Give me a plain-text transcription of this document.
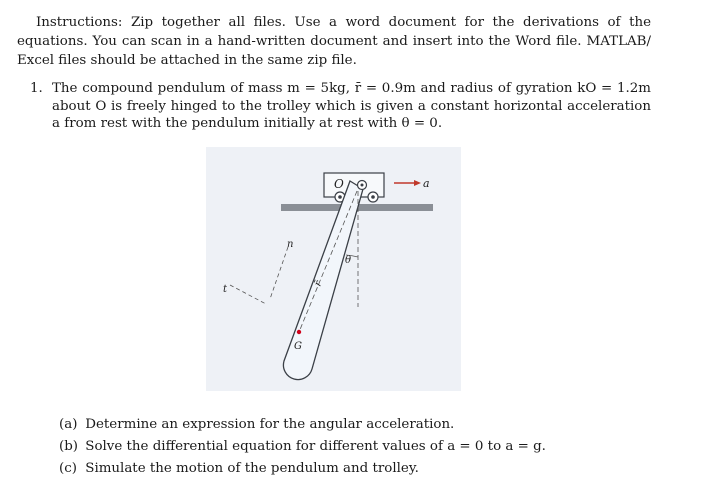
Instructions: Zip together all files. Use a word document for the derivations of the equations. You can scan in a hand-written document and insert into the Word file. MATLAB/ Excel files should be attached in the same zip file.
1. The compound pendulum of mass m = 5kg, r̄ = 0.9m and radius of gyration kO = 1.2m about O is freely hinged to the trolley which is given a constant horizontal acceleration a from rest with the pendulum initially at rest with θ = 0.
O	a
n
t
θ
r̄
G
(a) Determine an expression for the angular acceleration.
(b) Solve the differential equation for different values of a = 0 to a = g.
(c) Simulate the motion of the pendulum and trolley.
